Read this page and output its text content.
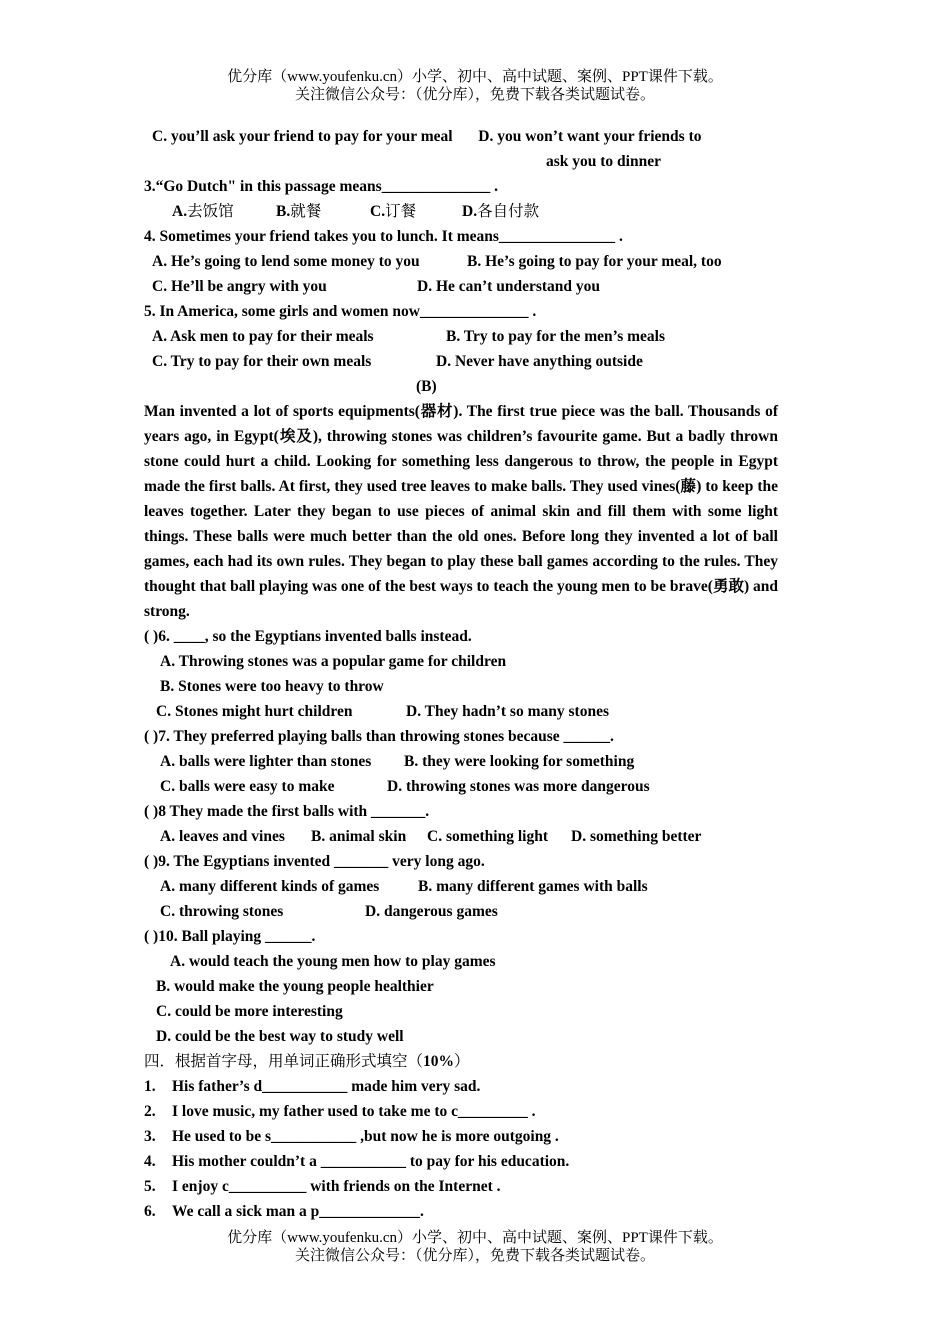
优分库（www.youfenku.cn）小学、初中、高中试题、案例、PPT课件下载。
关注微信公众号：（优分库），免费下载各类试题试卷。
C. you’ll ask your friend to pay for your meal D. you won’t want your friends to
ask you to dinner
3.“Go Dutch" in this passage means______________ .
A.去饭馆	B.就餐	C.订餐	D.各自付款
4. Sometimes your friend takes you to lunch. It means_______________ .
A. He’s going to lend some money to you	B. He’s going to pay for your meal, too
C. He’ll be angry with you	D. He can’t understand you
5. In America, some girls and women now______________ .
A. Ask men to pay for their meals	B. Try to pay for the men’s meals
C. Try to pay for their own meals	D. Never have anything outside
(B)
Man invented a lot of sports equipments(器材). The first true piece was the ball. Thousands of years ago, in Egypt(埃及), throwing stones was children’s favourite game. But a badly thrown stone could hurt a child. Looking for something less dangerous to throw, the people in Egypt made the first balls. At first, they used tree leaves to make balls. They used vines(藤) to keep the leaves together. Later they began to use pieces of animal skin and fill them with some light things. These balls were much better than the old ones. Before long they invented a lot of ball games, each had its own rules. They began to play these ball games according to the rules. They thought that ball playing was one of the best ways to teach the young men to be brave(勇敢) and strong.
( )6. ____, so the Egyptians invented balls instead.
A. Throwing stones was a popular game for children
B. Stones were too heavy to throw
C. Stones might hurt children	D. They hadn’t so many stones
( )7. They preferred playing balls than throwing stones because ______.
A. balls were lighter than stones B. they were looking for something
C. balls were easy to make	D. throwing stones was more dangerous
( )8 They made the first balls with _______.
A. leaves and vines B. animal skin C. something light D. something better
( )9. The Egyptians invented _______ very long ago.
A. many different kinds of games B. many different games with balls
C. throwing stones	D. dangerous games
( )10. Ball playing ______.
A. would teach the young men how to play games
B. would make the young people healthier
C. could be more interesting
D. could be the best way to study well
四．根据首字母，用单词正确形式填空（10%）
1. His father’s d___________ made him very sad.
2. I love music, my father used to take me to c_________ .
3. He used to be s___________ ,but now he is more outgoing .
4. His mother couldn’t a ___________ to pay for his education.
5. I enjoy c__________ with friends on the Internet .
6. We call a sick man a p_____________.
优分库（www.youfenku.cn）小学、初中、高中试题、案例、PPT课件下载。
关注微信公众号：（优分库），免费下载各类试题试卷。
